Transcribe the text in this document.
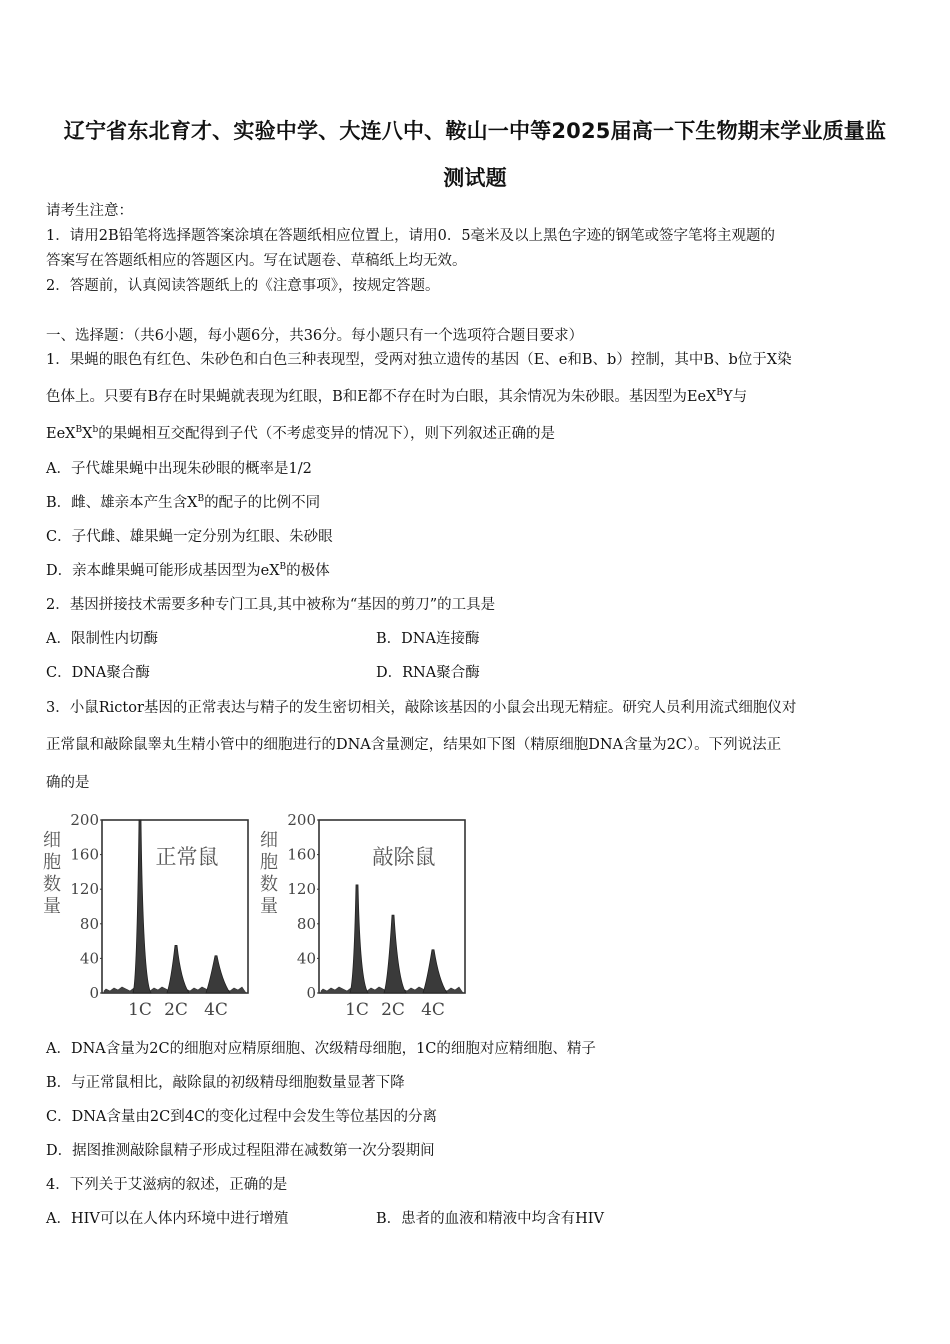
辽宁省东北育才、实验中学、大连八中、鞍山一中等2025届高一下生物期末学业质量监
测试题
请考生注意：
1．请用2B铅笔将选择题答案涂填在答题纸相应位置上，请用0．5毫米及以上黑色字迹的钢笔或签字笔将主观题的
答案写在答题纸相应的答题区内。写在试题卷、草稿纸上均无效。
2．答题前，认真阅读答题纸上的《注意事项》，按规定答题。
一、选择题：（共6小题，每小题6分，共36分。每小题只有一个选项符合题目要求）
1．果蝇的眼色有红色、朱砂色和白色三种表现型，受两对独立遗传的基因（E、e和B、b）控制，其中B、b位于X染
色体上。只要有B存在时果蝇就表现为红眼，B和E都不存在时为白眼，其余情况为朱砂眼。基因型为EeX$^B$Y与
$EeX^BX^b$的果蝇相互交配得到子代（不考虑变异的情况下），则下列叙述正确的是
A．子代雄果蝇中出现朱砂眼的概率是1/2
B．雌、雄亲本产生含$X^B$的配子的比例不同
C．子代雌、雄果蝇一定分别为红眼、朱砂眼
D．亲本雌果蝇可能形成基因型为$eX^B$的极体
2．基因拼接技术需要多种专门工具,其中被称为“基因的剪刀”的工具是
A．限制性内切酶	B．DNA连接酶
C．DNA聚合酶	D．RNA聚合酶
3．小鼠Rictor基因的正常表达与精子的发生密切相关，敲除该基因的小鼠会出现无精症。研究人员利用流式细胞仪对
正常鼠和敲除鼠睾丸生精小管中的细胞进行的DNA含量测定，结果如下图（精原细胞DNA含量为2C）。下列说法正
确的是
200
160
120
80
40
0
细
胞
数
量
正常鼠
1C 2C 4C
200
160
120
80
40
0
细
胞
数
量
敲除鼠
1C 2C 4C
A．DNA含量为2C的细胞对应精原细胞、次级精母细胞，1C的细胞对应精细胞、精子
B．与正常鼠相比，敲除鼠的初级精母细胞数量显著下降
C．DNA含量由2C到4C的变化过程中会发生等位基因的分离
D．据图推测敲除鼠精子形成过程阻滞在减数第一次分裂期间
4．下列关于艾滋病的叙述，正确的是
A．HIV可以在人体内环境中进行增殖	B．患者的血液和精液中均含有HIV
